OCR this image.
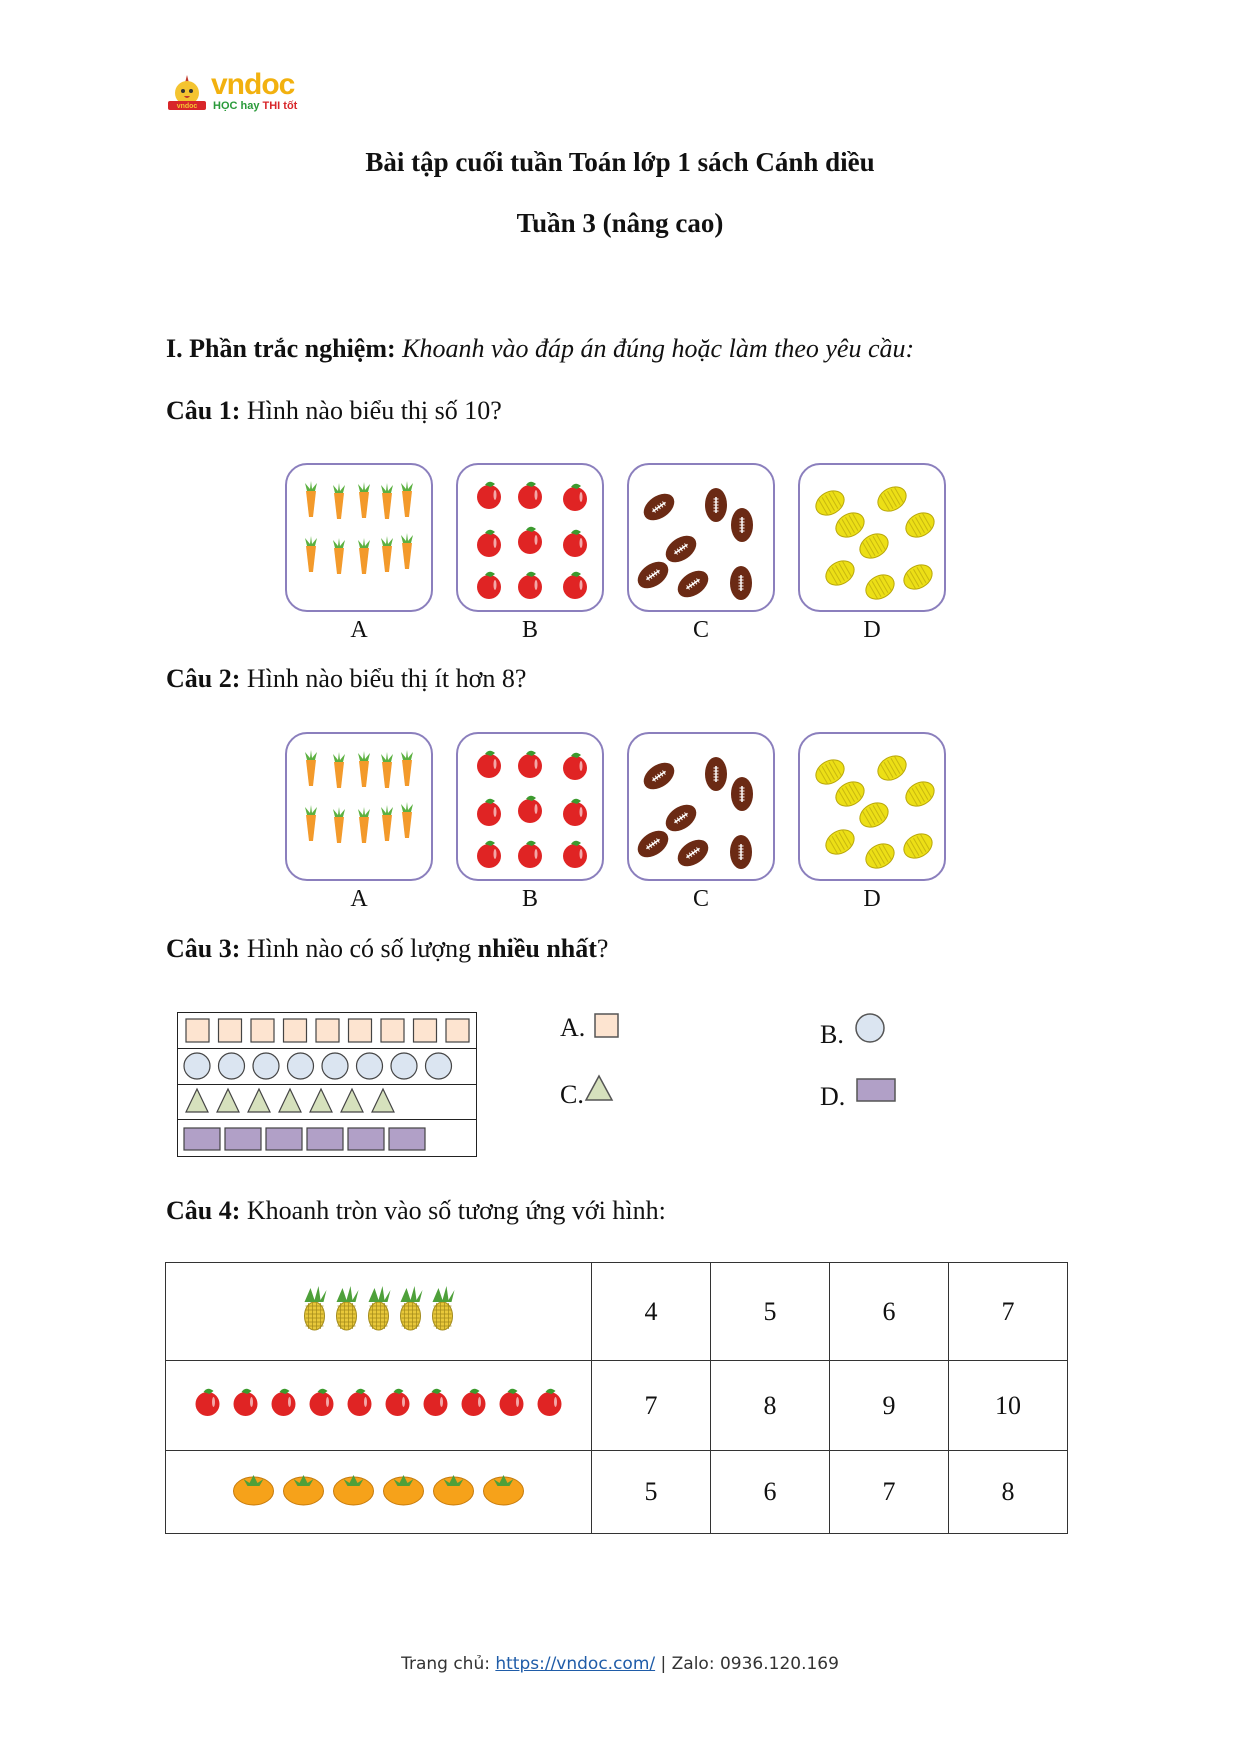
vndoc
vndoc
HỌC hay THI tốt
Bài tập cuối tuần Toán lớp 1 sách Cánh diều
Tuần 3 (nâng cao)
I. Phần trắc nghiệm: Khoanh vào đáp án đúng hoặc làm theo yêu cầu:
Câu 1: Hình nào biểu thị số 10?
A	B	C	D
Câu 2: Hình nào biểu thị ít hơn 8?
A	B	C	D
Câu 3: Hình nào có số lượng nhiều nhất?
A.	B.
C.	D.
Câu 4: Khoanh tròn vào số tương ứng với hình:
	4	5	6	7
	7	8	9	10
	5	6	7	8
Trang chủ: https://vndoc.com/ | Zalo: 0936.120.169
